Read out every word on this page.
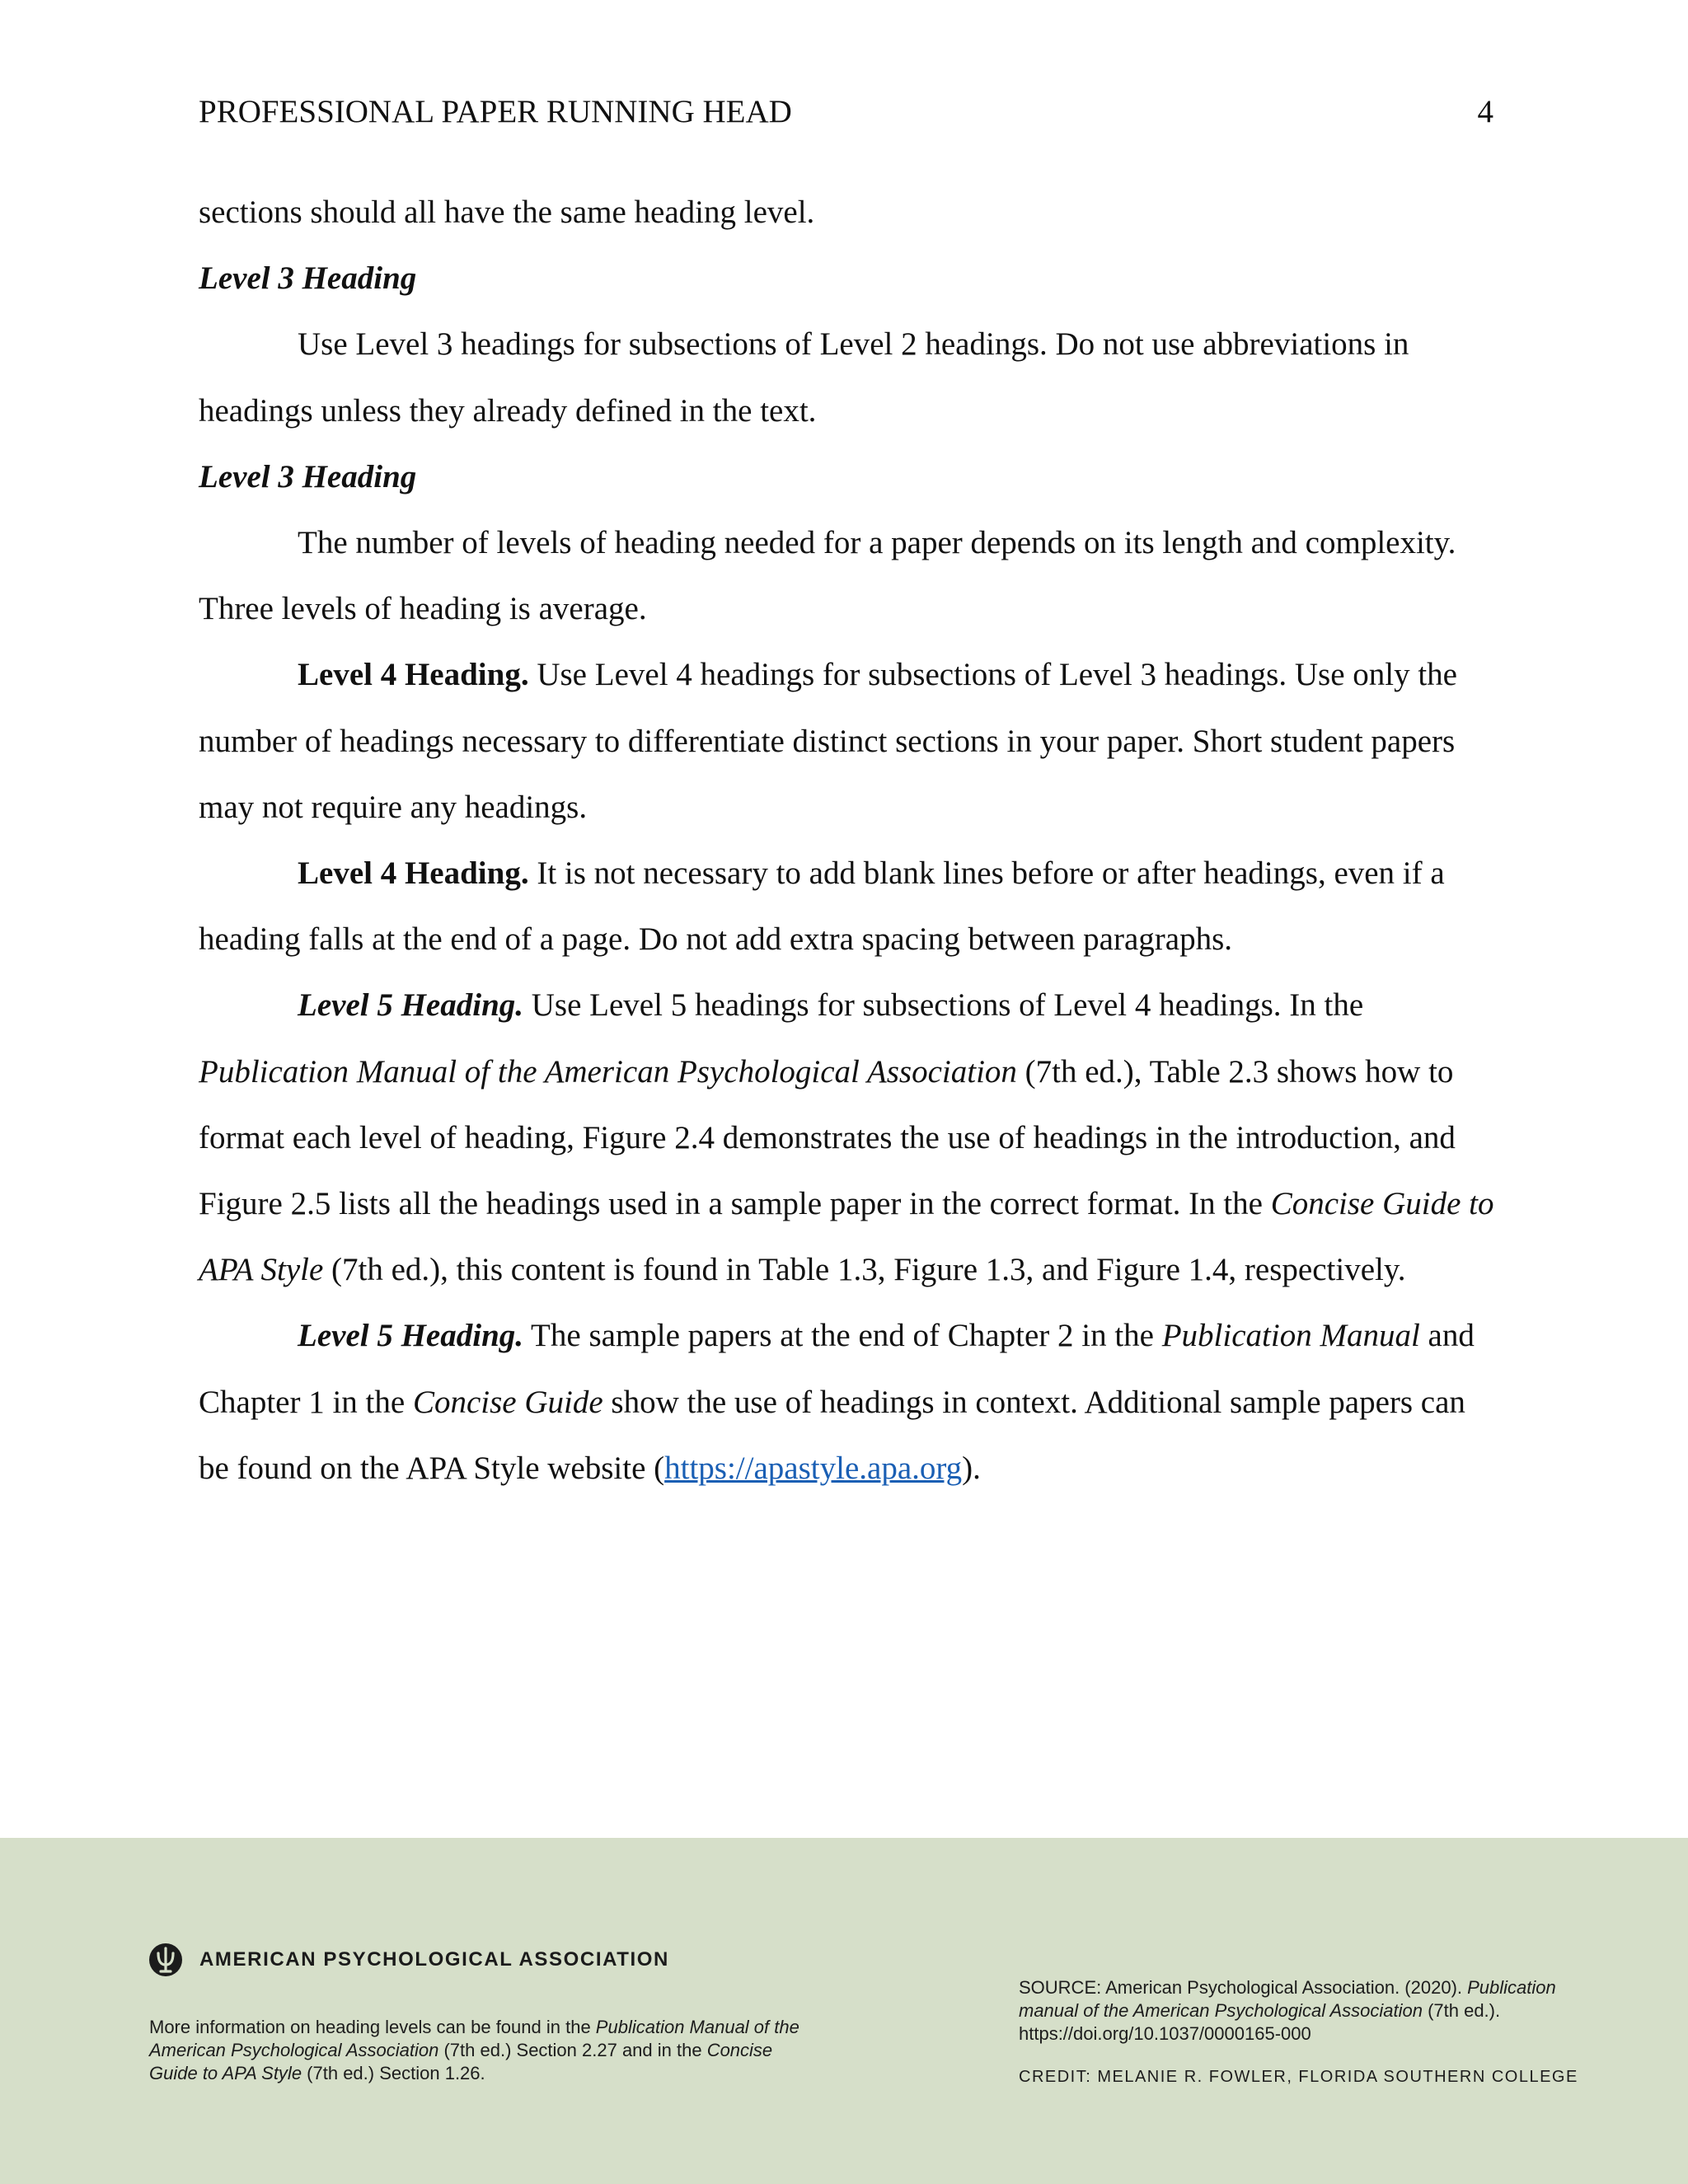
PROFESSIONAL PAPER RUNNING HEAD	4

sections should all have the same heading level.

Level 3 Heading

Use Level 3 headings for subsections of Level 2 headings. Do not use abbreviations in headings unless they already defined in the text.

Level 3 Heading

The number of levels of heading needed for a paper depends on its length and complexity. Three levels of heading is average.

Level 4 Heading. Use Level 4 headings for subsections of Level 3 headings. Use only the number of headings necessary to differentiate distinct sections in your paper. Short student papers may not require any headings.

Level 4 Heading. It is not necessary to add blank lines before or after headings, even if a heading falls at the end of a page. Do not add extra spacing between paragraphs.

Level 5 Heading. Use Level 5 headings for subsections of Level 4 headings. In the Publication Manual of the American Psychological Association (7th ed.), Table 2.3 shows how to format each level of heading, Figure 2.4 demonstrates the use of headings in the introduction, and Figure 2.5 lists all the headings used in a sample paper in the correct format. In the Concise Guide to APA Style (7th ed.), this content is found in Table 1.3, Figure 1.3, and Figure 1.4, respectively.

Level 5 Heading. The sample papers at the end of Chapter 2 in the Publication Manual and Chapter 1 in the Concise Guide show the use of headings in context. Additional sample papers can be found on the APA Style website (https://apastyle.apa.org).

AMERICAN PSYCHOLOGICAL ASSOCIATION

More information on heading levels can be found in the Publication Manual of the American Psychological Association (7th ed.) Section 2.27 and in the Concise Guide to APA Style (7th ed.) Section 1.26.

SOURCE: American Psychological Association. (2020). Publication manual of the American Psychological Association (7th ed.). https://doi.org/10.1037/0000165-000

CREDIT: MELANIE R. FOWLER, FLORIDA SOUTHERN COLLEGE
